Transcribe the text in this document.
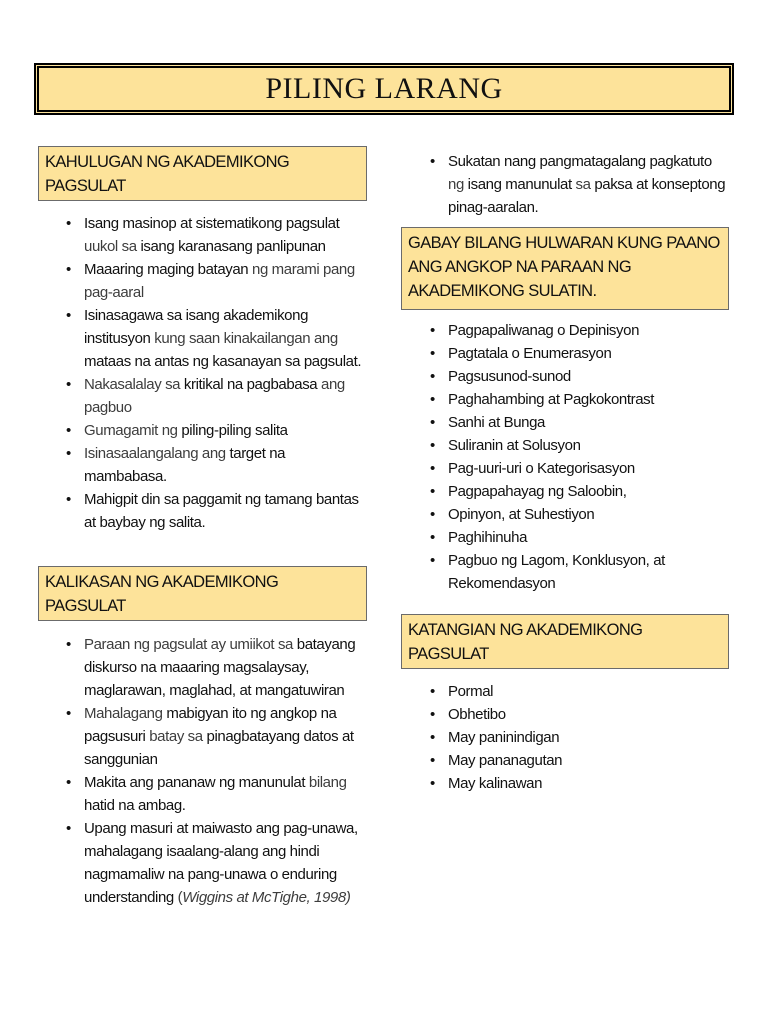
PILING LARANG
KAHULUGAN NG AKADEMIKONG PAGSULAT
• Isang masinop at sistematikong pagsulat uukol sa isang karanasang panlipunan
• Maaaring maging batayan ng marami pang pag-aaral
• Isinasagawa sa isang akademikong institusyon kung saan kinakailangan ang mataas na antas ng kasanayan sa pagsulat.
• Nakasalalay sa kritikal na pagbabasa ang pagbuo
• Gumagamit ng piling-piling salita
• Isinasaalangalang ang target na mambabasa.
• Mahigpit din sa paggamit ng tamang bantas at baybay ng salita.
KALIKASAN NG AKADEMIKONG PAGSULAT
• Paraan ng pagsulat ay umiikot sa batayang diskurso na maaaring magsalaysay, maglarawan, maglahad, at mangatuwiran
• Mahalagang mabigyan ito ng angkop na pagsusuri batay sa pinagbatayang datos at sanggunian
• Makita ang pananaw ng manunulat bilang hatid na ambag.
• Upang masuri at maiwasto ang pag-unawa, mahalagang isaalang-alang ang hindi nagmamaliw na pang-unawa o enduring understanding (Wiggins at McTighe, 1998)
• Sukatan nang pangmatagalang pagkatuto ng isang manunulat sa paksa at konseptong pinag-aaralan.
GABAY BILANG HULWARAN KUNG PAANO ANG ANGKOP NA PARAAN NG AKADEMIKONG SULATIN.
• Pagpapaliwanag o Depinisyon
• Pagtatala o Enumerasyon
• Pagsusunod-sunod
• Paghahambing at Pagkokontrast
• Sanhi at Bunga
• Suliranin at Solusyon
• Pag-uuri-uri o Kategorisasyon
• Pagpapahayag ng Saloobin,
• Opinyon, at Suhestiyon
• Paghihinuha
• Pagbuo ng Lagom, Konklusyon, at Rekomendasyon
KATANGIAN NG AKADEMIKONG PAGSULAT
• Pormal
• Obhetibo
• May paninindigan
• May pananagutan
• May kalinawan
